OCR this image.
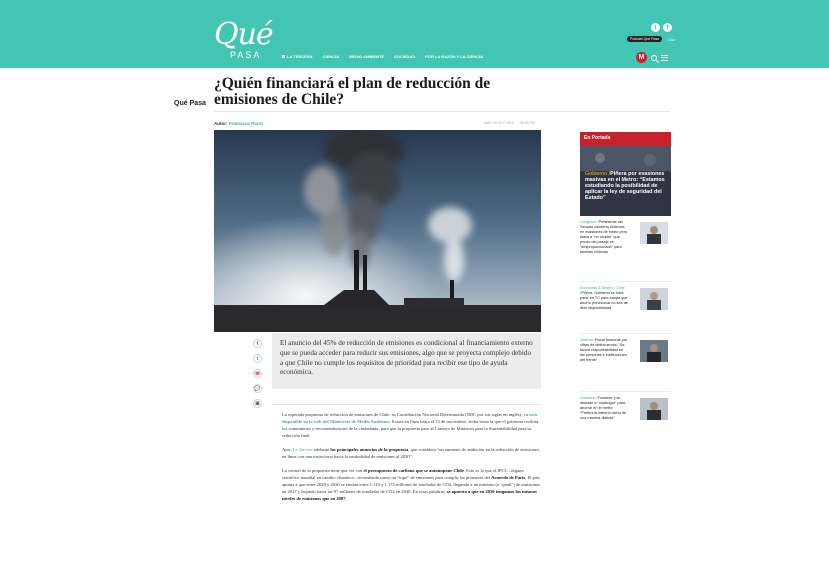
Qué
PASA	LA TERCERA	CIENCIA	MEDIO AMBIENTE	SOCIEDAD	POR LA RAZÓN Y LA CIENCIA
t	f
Podcast Qué Pasa	Club
M
Qué Pasa
¿Quién financiará el plan de reducción de emisiones de Chile?
Autor: Francisco Parra	MAR 15 OCT 2019 08:39 PM
f
t
✉
💬
⊞
El anuncio del 45% de reducción de emisiones es condicional al financiamiento externo que se pueda acceder para reducir sus emisiones, algo que se proyecta complejo debido a que Chile no cumple los requisitos de prioridad para recibir ese tipo de ayuda económica.

La esperada propuesta de reducción de emisiones de Chile, su Contribución Nacional Determinada (NDC por sus siglas en inglés), ya está disponible en la web del Ministerio de Medio Ambiente. Estará en línea hasta el 15 de noviembre, fecha hasta la que el gobierno recibirá los comentarios y recomendaciones de la ciudadanía, para que la propuesta pase al Consejo de Ministros para la Sustentabilidad para su redacción final.

Ayer, La Tercera adelantó los principales anuncios de la propuesta, que considera “un aumento de ambición en la reducción de emisiones, en línea con una trayectoria hacia la neutralidad de emisiones al 2050”.

Lo central de la propuesta tiene que ver con el presupuesto de carbono que se autoimpone Chile. Esto es lo que el IPCC –órgano científico mundial en cambio climático– recomienda como un “tope” de emisiones para cumplir las promesas del Acuerdo de París. El país apunta a que entre 2020 y 2030 se emitan entre 1.110 y 1.175 millones de toneladas de CO2, llegando a un máximo (o “peak”) de emisiones en 2027 y bajando hasta las 97 millones de toneladas de CO2 en 2030. En otras palabras, se apuesta a que en 2030 tengamos los mismos niveles de emisiones que en 2007.

En Portada
Gobierno /Piñera por evasiones masivas en el Metro: “Estamos estudiando la posibilidad de aplicar la ley de seguridad del Estado”
Congreso /Presidente del Senado condena violencia en evasiones de metro pero llama a “no olvidar” que precio del pasaje es “desproporcionado” para familias chilenas
Economía & Dinero / Chile /Piñera: Gobierno se hará parte en TC para zanjar que ahorro previsional no sea de libre disponibilidad
Judicial /Fiscal Nacional por cifras de delincuencia: “Se busca responsabilidad en las personas e instituciones del frente”
Gobierno /Fontaine y su llamado a “madrugar” para ahorrar en el metro: “Preferiría haberlo dicho de una manera distinta”
